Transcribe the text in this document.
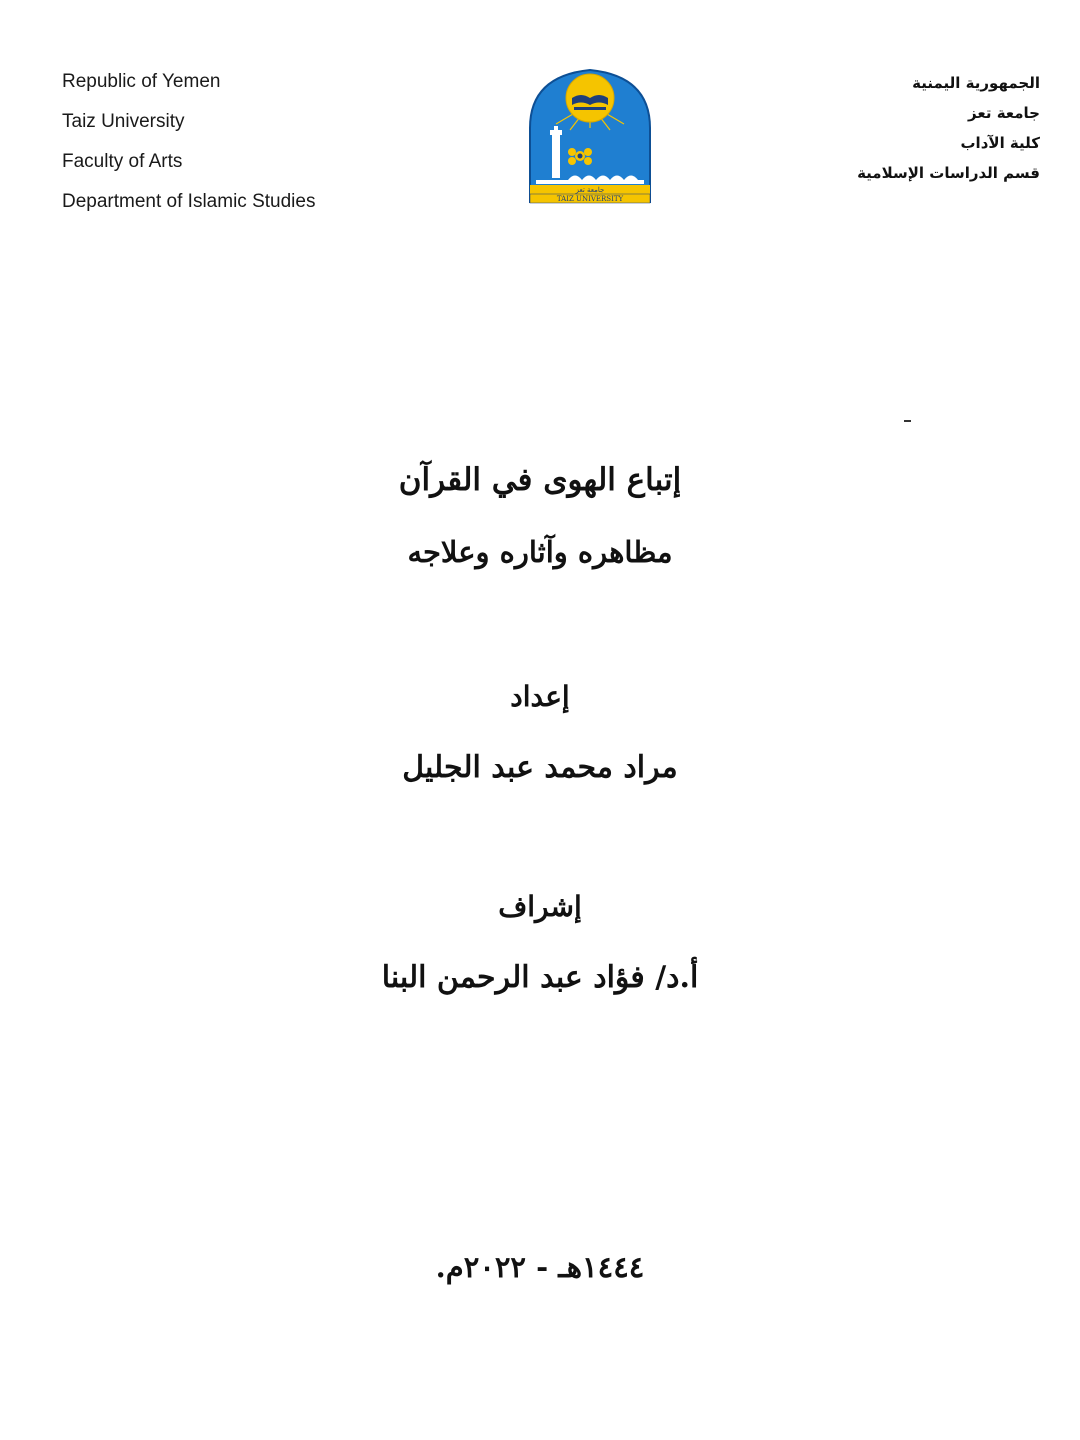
Republic of Yemen
Taiz University
Faculty of Arts
Department of Islamic Studies
جامعة تعز
TAIZ UNIVERSITY
الجمهورية اليمنية
جامعة تعز
كلية الآداب
قسم الدراسات الإسلامية
إتباع الهوى في القرآن
مظاهره وآثاره وعلاجه
إعداد
مراد محمد عبد الجليل
إشراف
أ.د/ فؤاد عبد الرحمن البنا
١٤٤٤هـ - ٢٠٢٢م.
